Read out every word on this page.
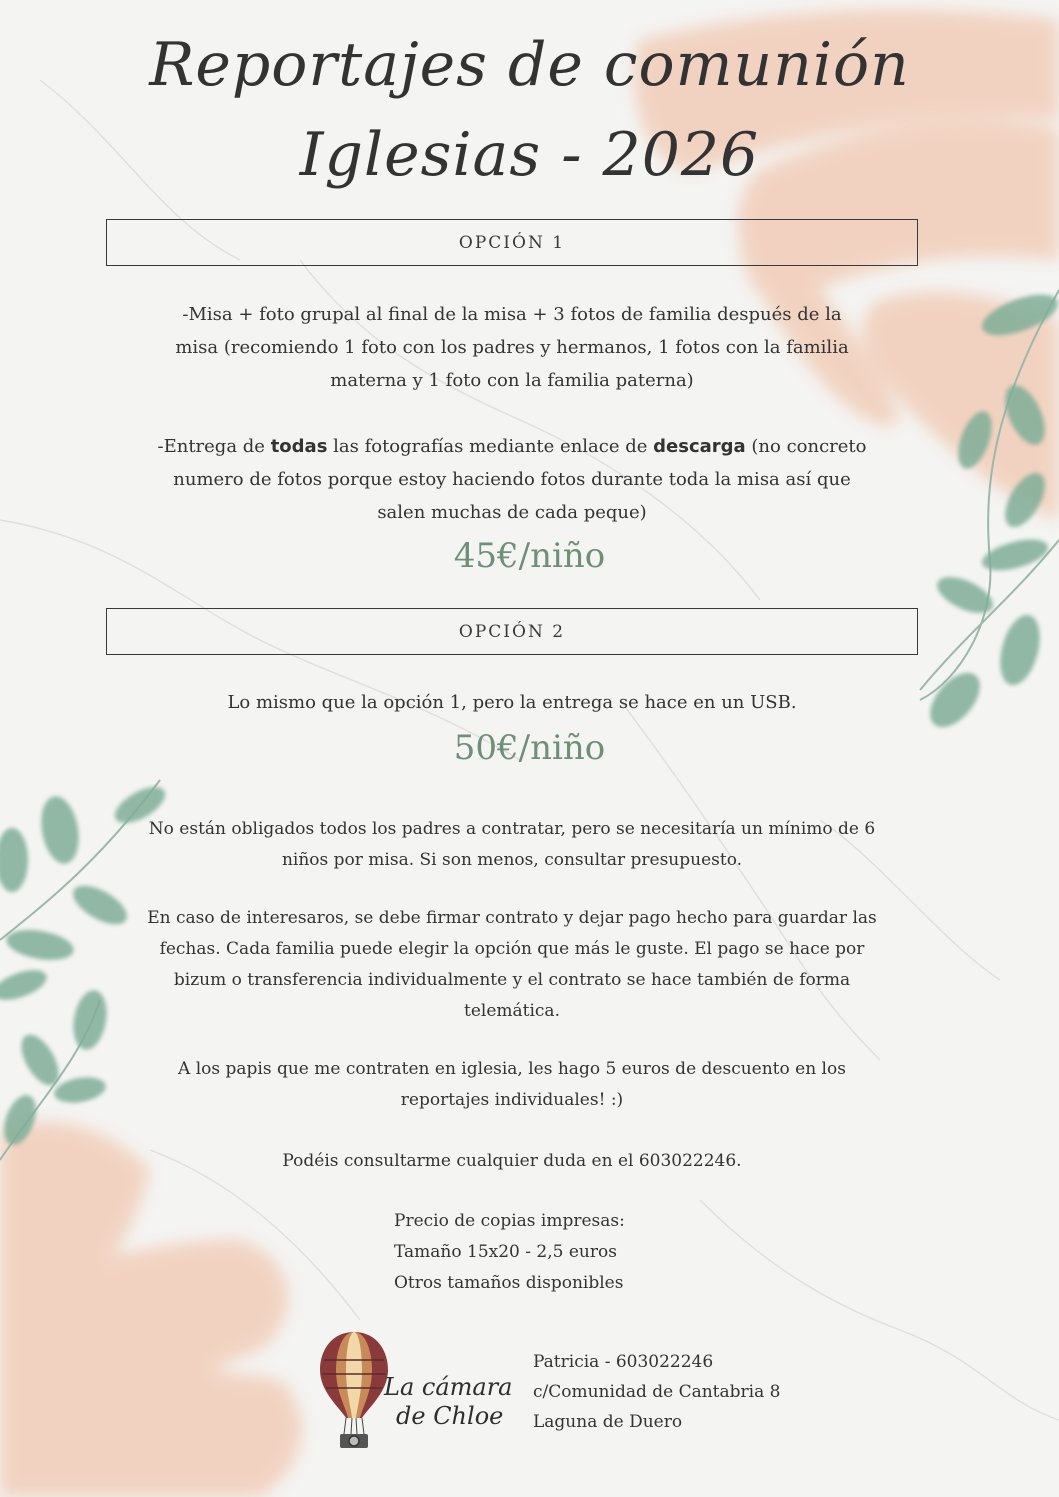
Reportajes de comunión
Iglesias - 2026
OPCIÓN 1
-Misa + foto grupal al final de la misa + 3 fotos de familia después de la
misa (recomiendo 1 foto con los padres y hermanos, 1 fotos con la familia
materna y 1 foto con la familia paterna)
-Entrega de todas las fotografías mediante enlace de descarga (no concreto
numero de fotos porque estoy haciendo fotos durante toda la misa así que
salen muchas de cada peque)
45€/niño
OPCIÓN 2
Lo mismo que la opción 1, pero la entrega se hace en un USB.
50€/niño
No están obligados todos los padres a contratar, pero se necesitaría un mínimo de 6
niños por misa. Si son menos, consultar presupuesto.
En caso de interesaros, se debe firmar contrato y dejar pago hecho para guardar las
fechas. Cada familia puede elegir la opción que más le guste. El pago se hace por
bizum o transferencia individualmente y el contrato se hace también de forma
telemática.
A los papis que me contraten en iglesia, les hago 5 euros de descuento en los
reportajes individuales! :)
Podéis consultarme cualquier duda en el 603022246.
Precio de copias impresas:
Tamaño 15x20 - 2,5 euros
Otros tamaños disponibles
La cámara
de Chloe
Patricia - 603022246
c/Comunidad de Cantabria 8
Laguna de Duero
